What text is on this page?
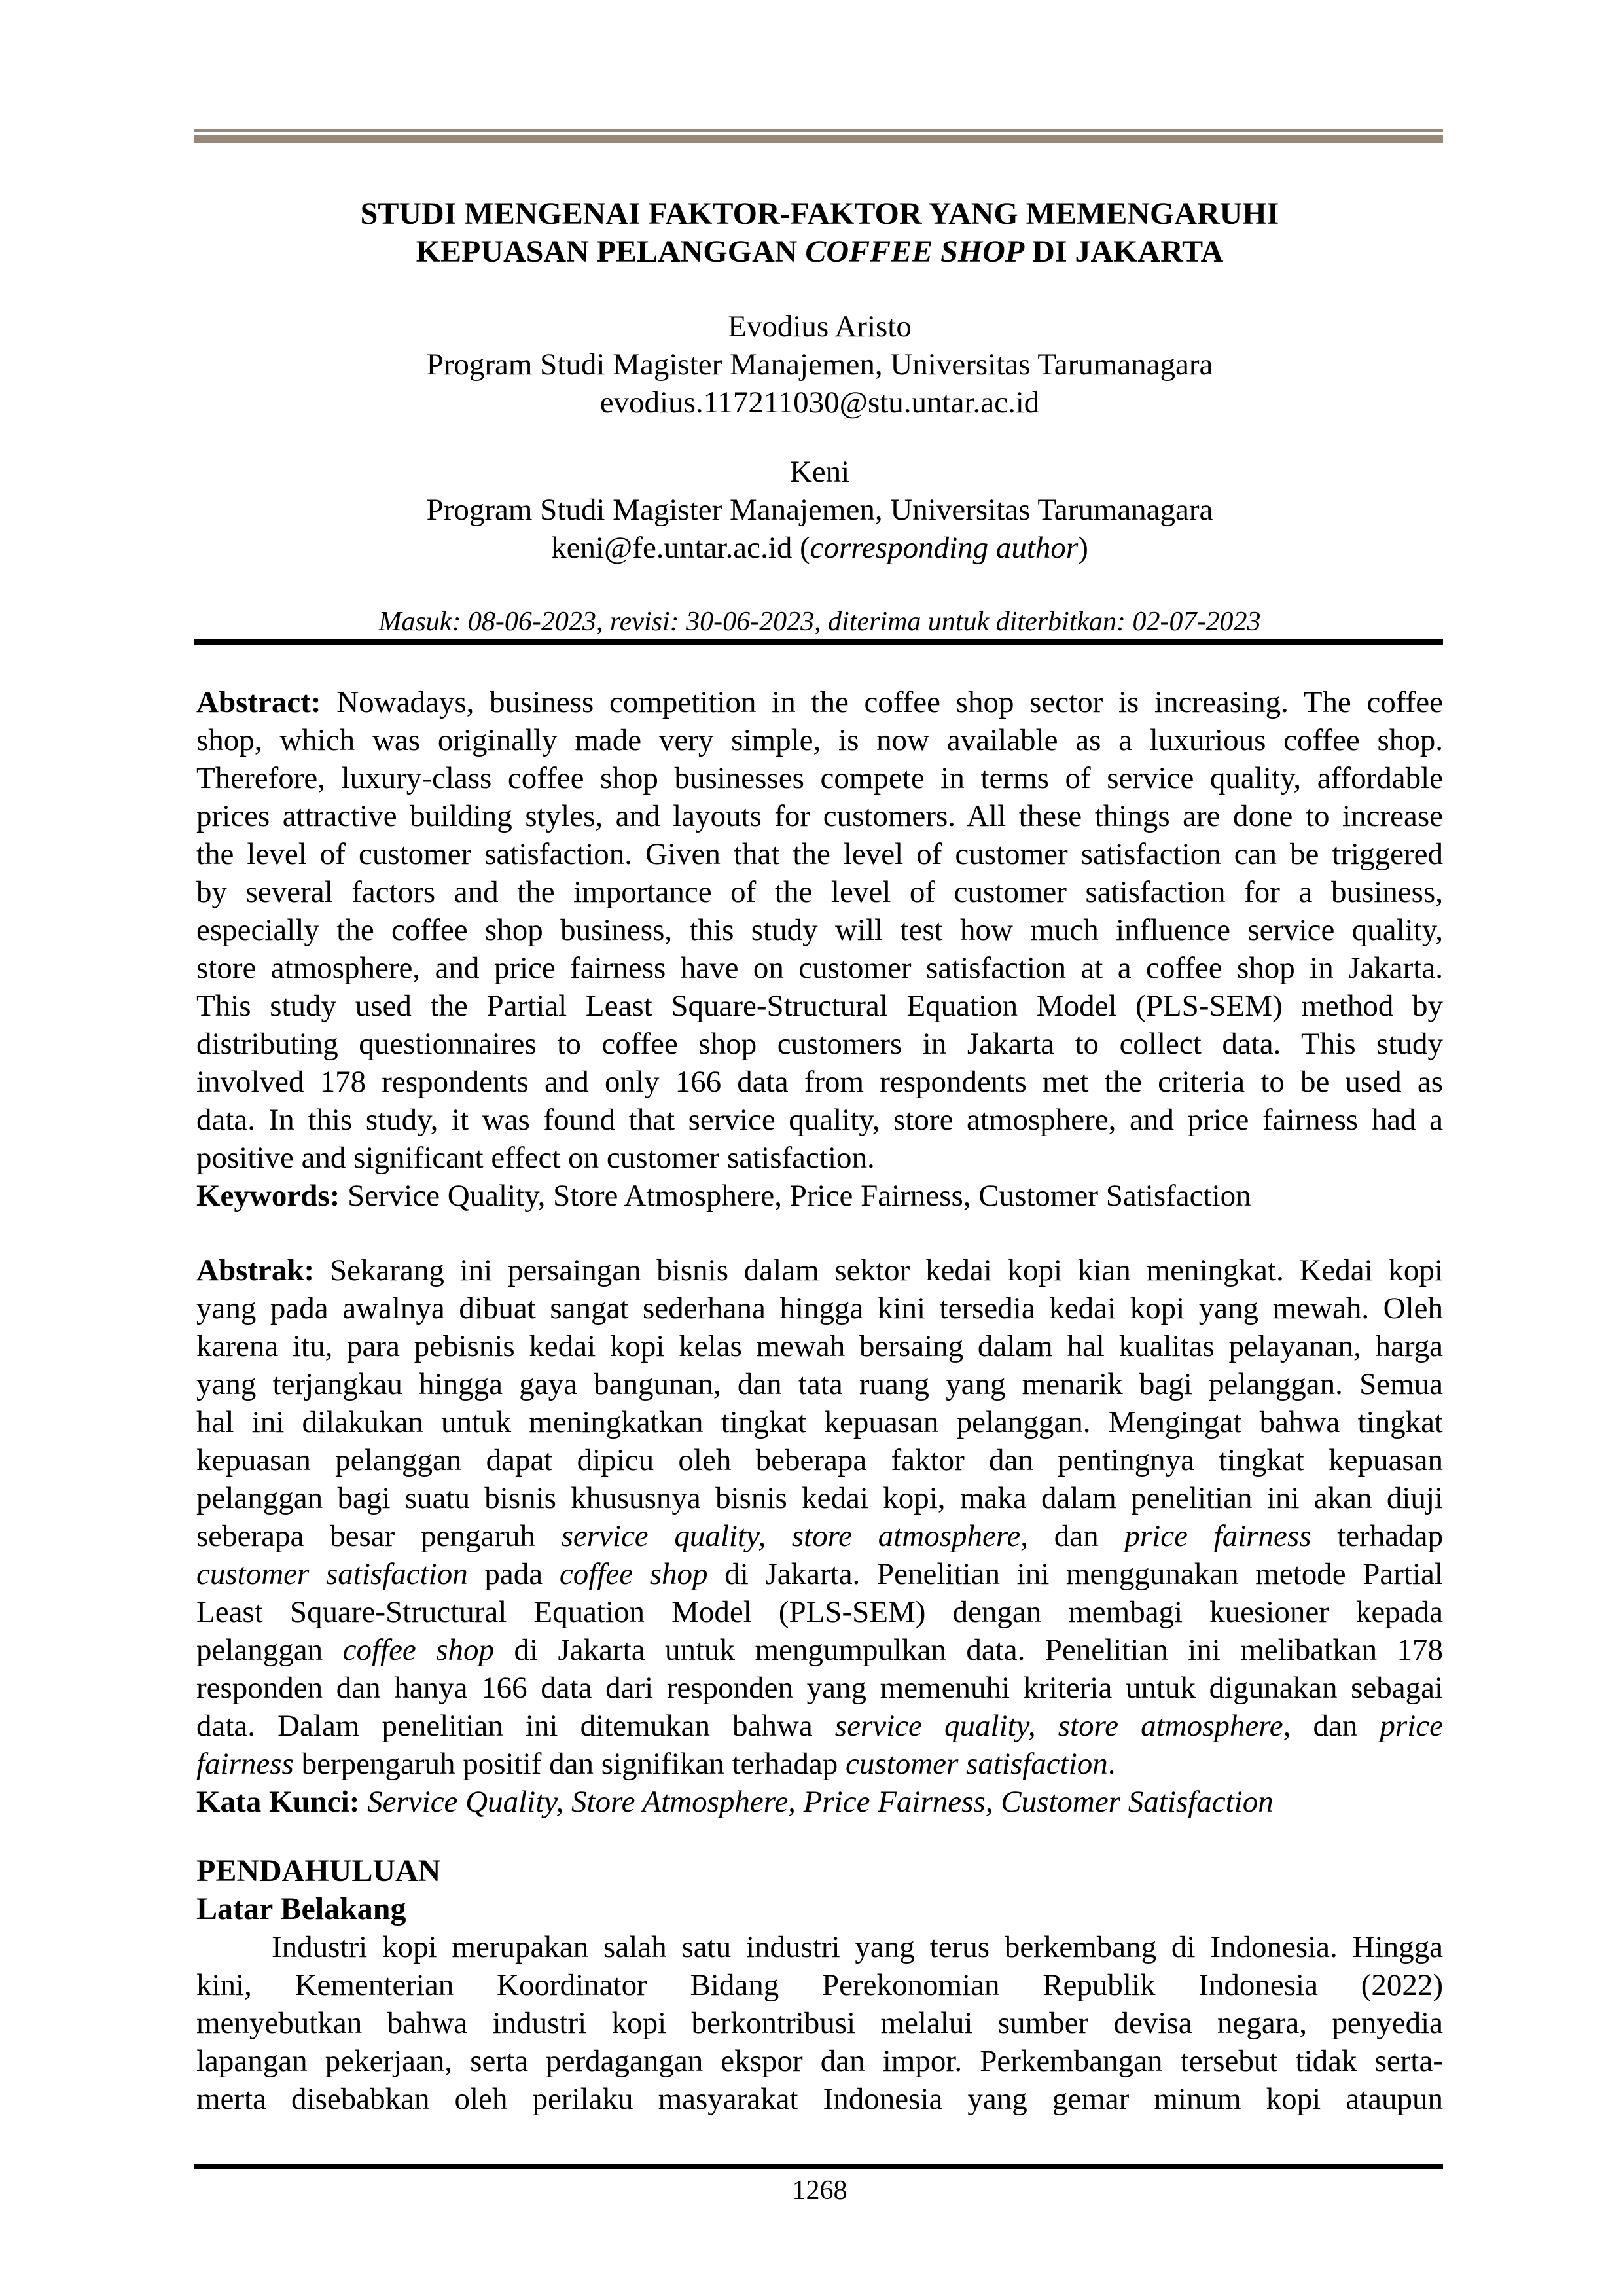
STUDI MENGENAI FAKTOR-FAKTOR YANG MEMENGARUHI
KEPUASAN PELANGGAN COFFEE SHOP DI JAKARTA
Evodius Aristo
Program Studi Magister Manajemen, Universitas Tarumanagara
evodius.117211030@stu.untar.ac.id
Keni
Program Studi Magister Manajemen, Universitas Tarumanagara
keni@fe.untar.ac.id (corresponding author)
Masuk: 08-06-2023, revisi: 30-06-2023, diterima untuk diterbitkan: 02-07-2023
Abstract: Nowadays, business competition in the coffee shop sector is increasing. The coffee
shop, which was originally made very simple, is now available as a luxurious coffee shop.
Therefore, luxury-class coffee shop businesses compete in terms of service quality, affordable
prices attractive building styles, and layouts for customers. All these things are done to increase
the level of customer satisfaction. Given that the level of customer satisfaction can be triggered
by several factors and the importance of the level of customer satisfaction for a business,
especially the coffee shop business, this study will test how much influence service quality,
store atmosphere, and price fairness have on customer satisfaction at a coffee shop in Jakarta.
This study used the Partial Least Square-Structural Equation Model (PLS-SEM) method by
distributing questionnaires to coffee shop customers in Jakarta to collect data. This study
involved 178 respondents and only 166 data from respondents met the criteria to be used as
data. In this study, it was found that service quality, store atmosphere, and price fairness had a
positive and significant effect on customer satisfaction.
Keywords: Service Quality, Store Atmosphere, Price Fairness, Customer Satisfaction
Abstrak: Sekarang ini persaingan bisnis dalam sektor kedai kopi kian meningkat. Kedai kopi
yang pada awalnya dibuat sangat sederhana hingga kini tersedia kedai kopi yang mewah. Oleh
karena itu, para pebisnis kedai kopi kelas mewah bersaing dalam hal kualitas pelayanan, harga
yang terjangkau hingga gaya bangunan, dan tata ruang yang menarik bagi pelanggan. Semua
hal ini dilakukan untuk meningkatkan tingkat kepuasan pelanggan. Mengingat bahwa tingkat
kepuasan pelanggan dapat dipicu oleh beberapa faktor dan pentingnya tingkat kepuasan
pelanggan bagi suatu bisnis khususnya bisnis kedai kopi, maka dalam penelitian ini akan diuji
seberapa besar pengaruh service quality, store atmosphere, dan price fairness terhadap
customer satisfaction pada coffee shop di Jakarta. Penelitian ini menggunakan metode Partial
Least Square-Structural Equation Model (PLS-SEM) dengan membagi kuesioner kepada
pelanggan coffee shop di Jakarta untuk mengumpulkan data. Penelitian ini melibatkan 178
responden dan hanya 166 data dari responden yang memenuhi kriteria untuk digunakan sebagai
data. Dalam penelitian ini ditemukan bahwa service quality, store atmosphere, dan price
fairness berpengaruh positif dan signifikan terhadap customer satisfaction.
Kata Kunci: Service Quality, Store Atmosphere, Price Fairness, Customer Satisfaction
PENDAHULUAN
Latar Belakang
Industri kopi merupakan salah satu industri yang terus berkembang di Indonesia. Hingga
kini, Kementerian Koordinator Bidang Perekonomian Republik Indonesia (2022)
menyebutkan bahwa industri kopi berkontribusi melalui sumber devisa negara, penyedia
lapangan pekerjaan, serta perdagangan ekspor dan impor. Perkembangan tersebut tidak serta-
merta disebabkan oleh perilaku masyarakat Indonesia yang gemar minum kopi ataupun
1268
